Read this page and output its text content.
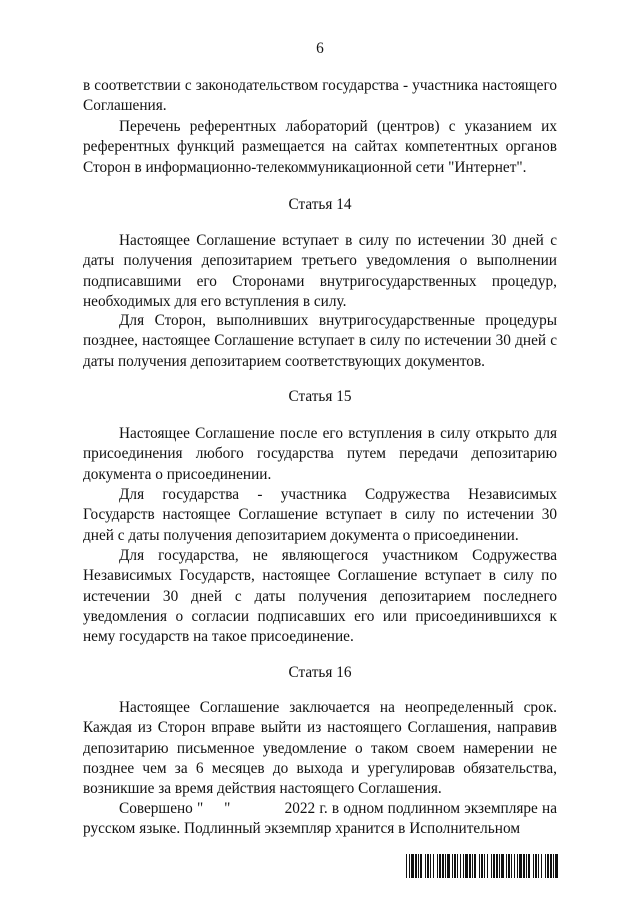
6
в соответствии с законодательством государства - участника настоящего Соглашения.
Перечень референтных лабораторий (центров) с указанием их референтных функций размещается на сайтах компетентных органов Сторон в информационно-телекоммуникационной сети "Интернет".
Статья 14
Настоящее Соглашение вступает в силу по истечении 30 дней с даты получения депозитарием третьего уведомления о выполнении подписавшими его Сторонами внутригосударственных процедур, необходимых для его вступления в силу.
Для Сторон, выполнивших внутригосударственные процедуры позднее, настоящее Соглашение вступает в силу по истечении 30 дней с даты получения депозитарием соответствующих документов.
Статья 15
Настоящее Соглашение после его вступления в силу открыто для присоединения любого государства путем передачи депозитарию документа о присоединении.
Для государства - участника Содружества Независимых Государств настоящее Соглашение вступает в силу по истечении 30 дней с даты получения депозитарием документа о присоединении.
Для государства, не являющегося участником Содружества Независимых Государств, настоящее Соглашение вступает в силу по истечении 30 дней с даты получения депозитарием последнего уведомления о согласии подписавших его или присоединившихся к нему государств на такое присоединение.
Статья 16
Настоящее Соглашение заключается на неопределенный срок. Каждая из Сторон вправе выйти из настоящего Соглашения, направив депозитарию письменное уведомление о таком своем намерении не позднее чем за 6 месяцев до выхода и урегулировав обязательства, возникшие за время действия настоящего Соглашения.
Совершено "     "             2022 г. в одном подлинном экземпляре на русском языке. Подлинный экземпляр хранится в Исполнительном
